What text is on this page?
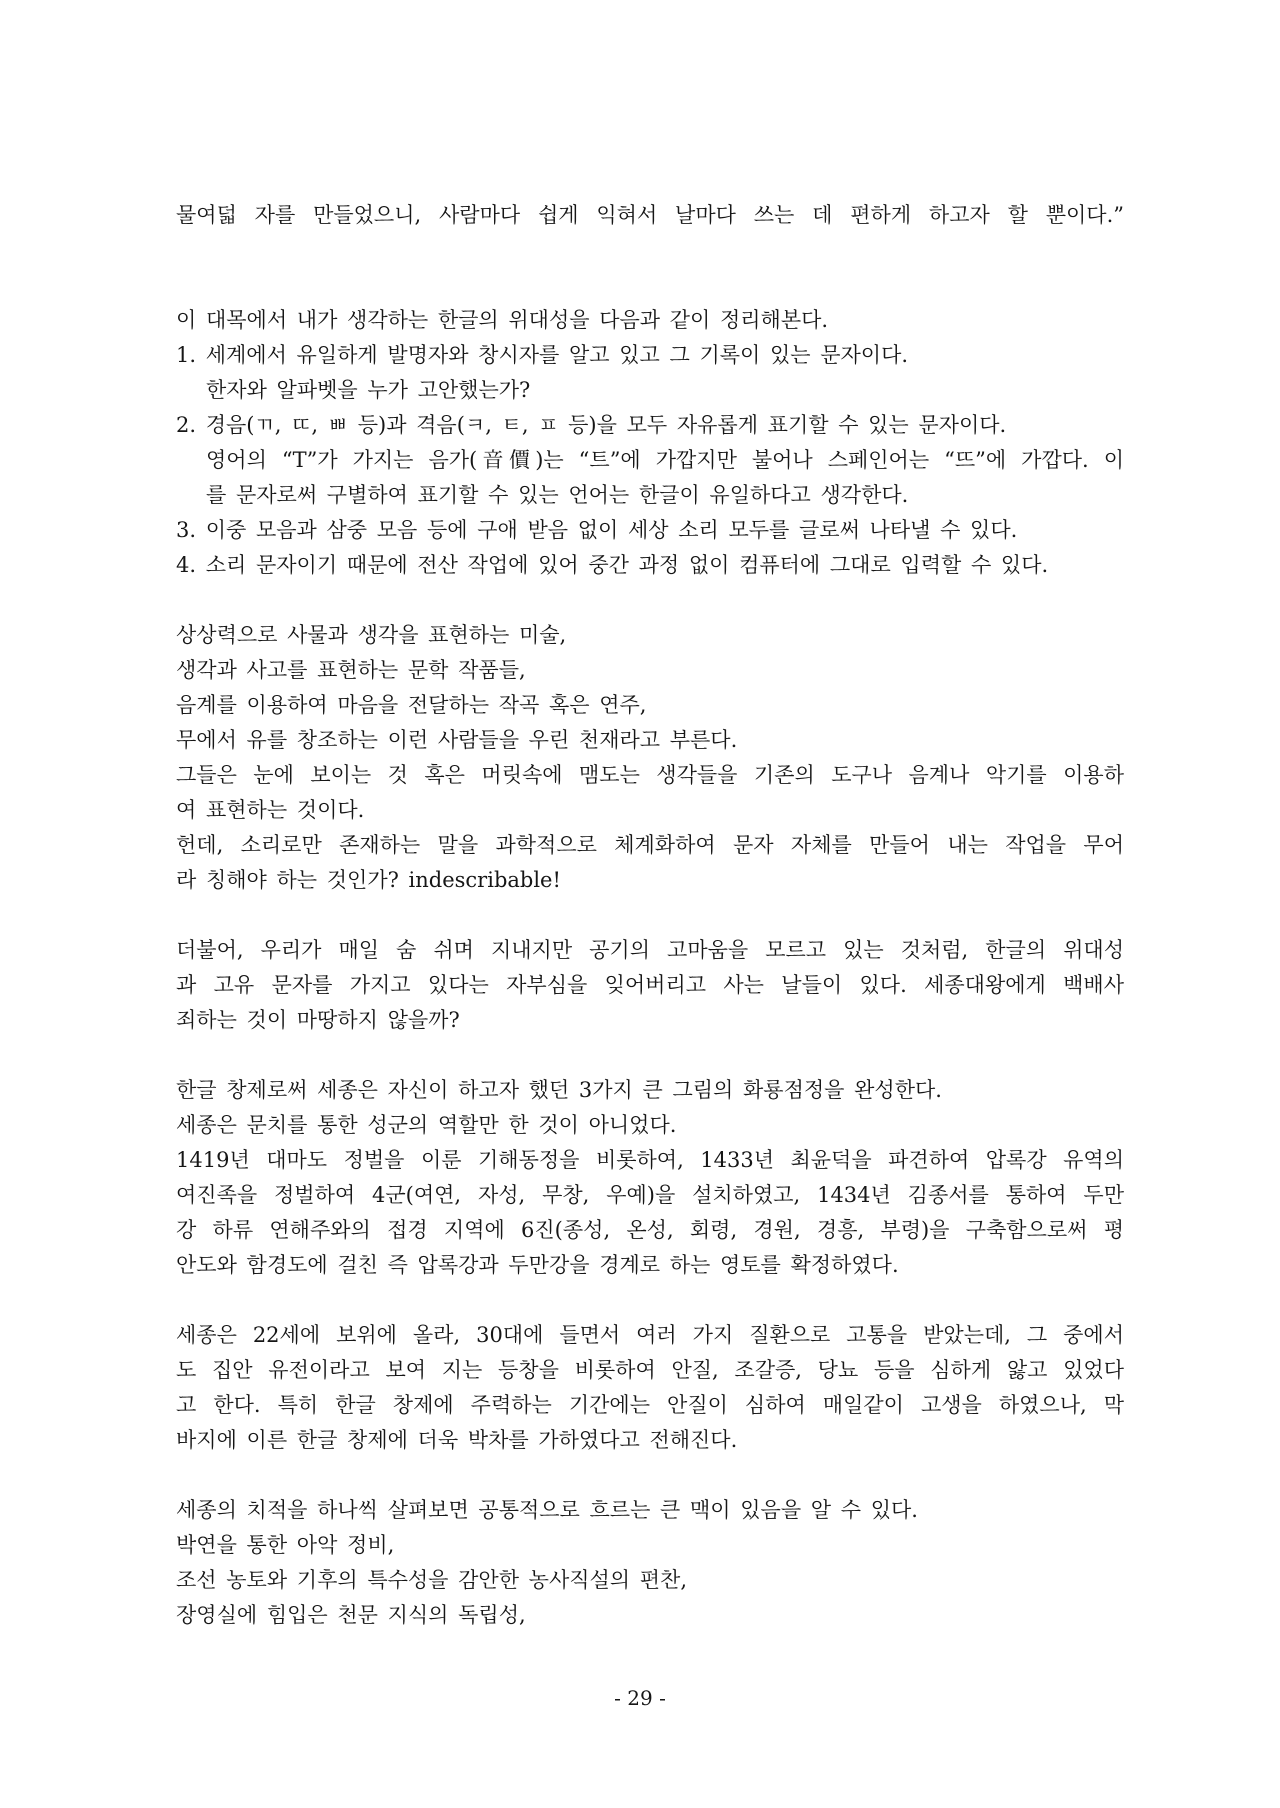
물여덟 자를 만들었으니, 사람마다 쉽게 익혀서 날마다 쓰는 데 편하게 하고자 할 뿐이다.”
이 대목에서 내가 생각하는 한글의 위대성을 다음과 같이 정리해본다.
1. 세계에서 유일하게 발명자와 창시자를 알고 있고 그 기록이 있는 문자이다.
한자와 알파벳을 누가 고안했는가?
2. 경음(ㄲ, ㄸ, ㅃ 등)과 격음(ㅋ, ㅌ, ㅍ 등)을 모두 자유롭게 표기할 수 있는 문자이다.
영어의 “T”가 가지는 음가(音價)는 “트”에 가깝지만 불어나 스페인어는 “뜨”에 가깝다. 이
를 문자로써 구별하여 표기할 수 있는 언어는 한글이 유일하다고 생각한다.
3. 이중 모음과 삼중 모음 등에 구애 받음 없이 세상 소리 모두를 글로써 나타낼 수 있다.
4. 소리 문자이기 때문에 전산 작업에 있어 중간 과정 없이 컴퓨터에 그대로 입력할 수 있다.
상상력으로 사물과 생각을 표현하는 미술,
생각과 사고를 표현하는 문학 작품들,
음계를 이용하여 마음을 전달하는 작곡 혹은 연주,
무에서 유를 창조하는 이런 사람들을 우린 천재라고 부른다.
그들은 눈에 보이는 것 혹은 머릿속에 맴도는 생각들을 기존의 도구나 음계나 악기를 이용하
여 표현하는 것이다.
헌데, 소리로만 존재하는 말을 과학적으로 체계화하여 문자 자체를 만들어 내는 작업을 무어
라 칭해야 하는 것인가? indescribable!
더불어, 우리가 매일 숨 쉬며 지내지만 공기의 고마움을 모르고 있는 것처럼, 한글의 위대성
과 고유 문자를 가지고 있다는 자부심을 잊어버리고 사는 날들이 있다. 세종대왕에게 백배사
죄하는 것이 마땅하지 않을까?
한글 창제로써 세종은 자신이 하고자 했던 3가지 큰 그림의 화룡점정을 완성한다.
세종은 문치를 통한 성군의 역할만 한 것이 아니었다.
1419년 대마도 정벌을 이룬 기해동정을 비롯하여, 1433년 최윤덕을 파견하여 압록강 유역의
여진족을 정벌하여 4군(여연, 자성, 무창, 우예)을 설치하였고, 1434년 김종서를 통하여 두만
강 하류 연해주와의 접경 지역에 6진(종성, 온성, 회령, 경원, 경흥, 부령)을 구축함으로써 평
안도와 함경도에 걸친 즉 압록강과 두만강을 경계로 하는 영토를 확정하였다.
세종은 22세에 보위에 올라, 30대에 들면서 여러 가지 질환으로 고통을 받았는데, 그 중에서
도 집안 유전이라고 보여 지는 등창을 비롯하여 안질, 조갈증, 당뇨 등을 심하게 앓고 있었다
고 한다. 특히 한글 창제에 주력하는 기간에는 안질이 심하여 매일같이 고생을 하였으나, 막
바지에 이른 한글 창제에 더욱 박차를 가하였다고 전해진다.
세종의 치적을 하나씩 살펴보면 공통적으로 흐르는 큰 맥이 있음을 알 수 있다.
박연을 통한 아악 정비,
조선 농토와 기후의 특수성을 감안한 농사직설의 편찬,
장영실에 힘입은 천문 지식의 독립성,
- 29 -
